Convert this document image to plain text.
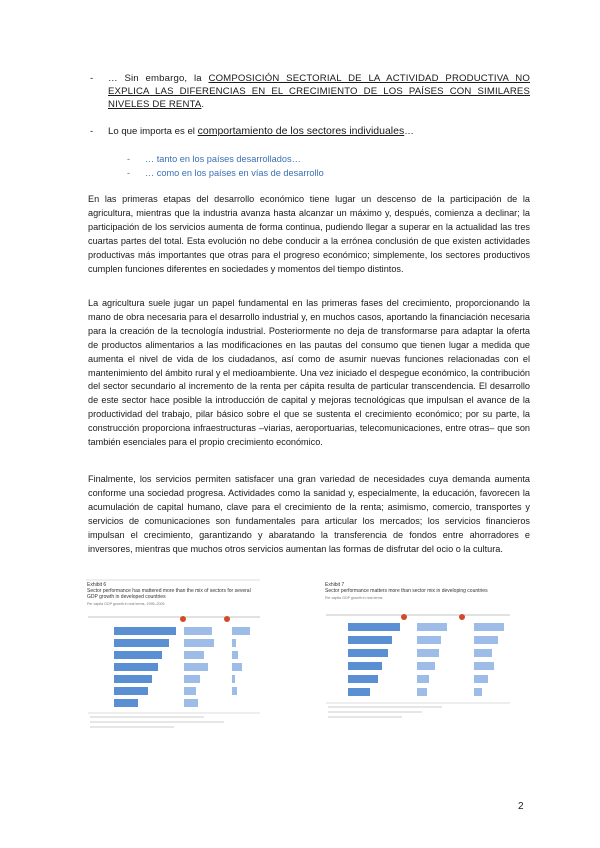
-	… Sin embargo, la COMPOSICIÓN SECTORIAL DE LA ACTIVIDAD PRODUCTIVA NO EXPLICA LAS DIFERENCIAS EN EL CRECIMIENTO DE LOS PAÍSES CON SIMILARES NIVELES DE RENTA.
-	Lo que importa es el comportamiento de los sectores individuales…
- … tanto en los países desarrollados…
- … como en los países en vías de desarrollo

En las primeras etapas del desarrollo económico tiene lugar un descenso de la participación de la agricultura, mientras que la industria avanza hasta alcanzar un máximo y, después, comienza a declinar; la participación de los servicios aumenta de forma continua, pudiendo llegar a superar en la actualidad las tres cuartas partes del total. Esta evolución no debe conducir a la errónea conclusión de que existen actividades productivas más importantes que otras para el progreso económico; simplemente, los sectores productivos cumplen funciones diferentes en sociedades y momentos del tiempo distintos.

La agricultura suele jugar un papel fundamental en las primeras fases del crecimiento, proporcionando la mano de obra necesaria para el desarrollo industrial y, en muchos casos, aportando la financiación necesaria para la creación de la tecnología industrial. Posteriormente no deja de transformarse para adaptar la oferta de productos alimentarios a las modificaciones en las pautas del consumo que tienen lugar a medida que aumenta el nivel de vida de los ciudadanos, así como de asumir nuevas funciones relacionadas con el mantenimiento del ámbito rural y el medioambiente. Una vez iniciado el despegue económico, la contribución del sector secundario al incremento de la renta per cápita resulta de particular transcendencia. El desarrollo de este sector hace posible la introducción de capital y mejoras tecnológicas que impulsan el avance de la productividad del trabajo, pilar básico sobre el que se sustenta el crecimiento económico; por su parte, la construcción proporciona infraestructuras –viarias, aeroportuarias, telecomunicaciones, entre otras– que son también esenciales para el propio crecimiento económico.

Finalmente, los servicios permiten satisfacer una gran variedad de necesidades cuya demanda aumenta conforme una sociedad progresa. Actividades como la sanidad y, especialmente, la educación, favorecen la acumulación de capital humano, clave para el crecimiento de la renta; asimismo, comercio, transportes y servicios de comunicaciones son fundamentales para articular los mercados; los servicios financieros impulsan el crecimiento, garantizando y abaratando la transferencia de fondos entre ahorradores e inversores, mientras que muchos otros servicios aumentan las formas de disfrutar del ocio o la cultura.

Exhibit 6
Sector performance has mattered more than the mix of sectors for several GDP growth in developed countries
Per capita GDP growth in real terms, 1995–2005
Exhibit 7
Sector performance matters more than sector mix in developing countries
Per capita GDP growth in real terms
2
